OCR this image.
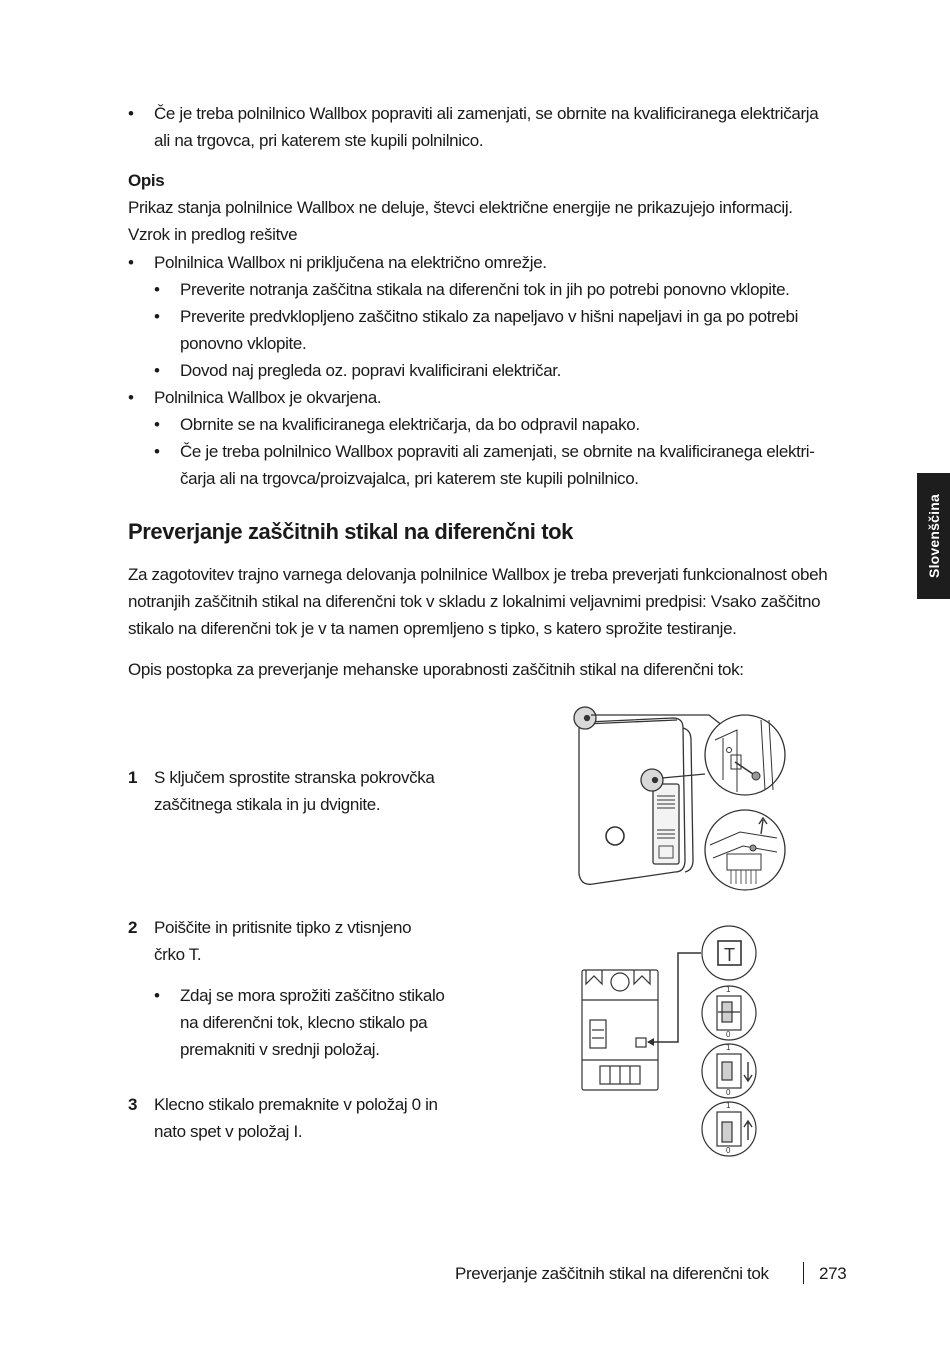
• Če je treba polnilnico Wallbox popraviti ali zamenjati, se obrnite na kvalificiranega električarja
ali na trgovca, pri katerem ste kupili polnilnico.
Opis
Prikaz stanja polnilnice Wallbox ne deluje, števci električne energije ne prikazujejo informacij.
Vzrok in predlog rešitve
• Polnilnica Wallbox ni priključena na električno omrežje.
• Preverite notranja zaščitna stikala na diferenčni tok in jih po potrebi ponovno vklopite.
• Preverite predvklopljeno zaščitno stikalo za napeljavo v hišni napeljavi in ga po potrebi
ponovno vklopite.
• Dovod naj pregleda oz. popravi kvalificirani električar.
• Polnilnica Wallbox je okvarjena.
• Obrnite se na kvalificiranega električarja, da bo odpravil napako.
• Če je treba polnilnico Wallbox popraviti ali zamenjati, se obrnite na kvalificiranega elektri-
čarja ali na trgovca/proizvajalca, pri katerem ste kupili polnilnico.
Preverjanje zaščitnih stikal na diferenčni tok
Za zagotovitev trajno varnega delovanja polnilnice Wallbox je treba preverjati funkcionalnost obeh
notranjih zaščitnih stikal na diferenčni tok v skladu z lokalnimi veljavnimi predpisi: Vsako zaščitno
stikalo na diferenčni tok je v ta namen opremljeno s tipko, s katero sprožite testiranje.
Opis postopka za preverjanje mehanske uporabnosti zaščitnih stikal na diferenčni tok:
1 S ključem sprostite stranska pokrovčka
zaščitnega stikala in ju dvignite.
2 Poiščite in pritisnite tipko z vtisnjeno
črko T.
• Zdaj se mora sprožiti zaščitno stikalo
na diferenčni tok, klecno stikalo pa
premakniti v srednji položaj.
3 Klecno stikalo premaknite v položaj 0 in
nato spet v položaj I.
T
1
0
1
0
1
0
Slovenščina
Preverjanje zaščitnih stikal na diferenčni tok	273
